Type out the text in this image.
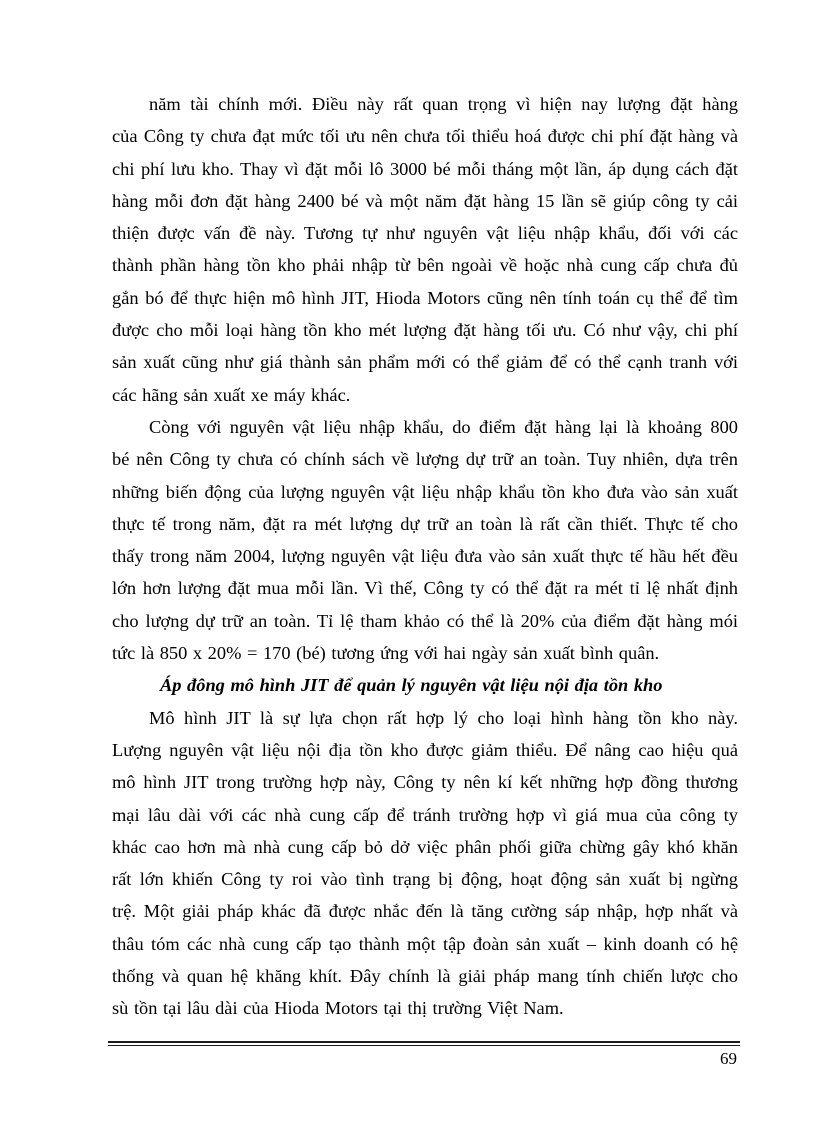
năm tài chính mới. Điều này rất quan trọng vì hiện nay lượng đặt hàng
của Công ty chưa đạt mức tối ưu nên chưa tối thiểu hoá được chi phí đặt hàng và
chi phí lưu kho. Thay vì đặt mỗi lô 3000 bé mỗi tháng một lần, áp dụng cách đặt
hàng mỗi đơn đặt hàng 2400 bé và một năm đặt hàng 15 lần sẽ giúp công ty cải
thiện được vấn đề này. Tương tự như nguyên vật liệu nhập khẩu, đối với các
thành phần hàng tồn kho phải nhập từ bên ngoài về hoặc nhà cung cấp chưa đủ
gắn bó để thực hiện mô hình JIT, Hioda Motors cũng nên tính toán cụ thể để tìm
được cho mỗi loại hàng tồn kho mét lượng đặt hàng tối ưu. Có như vậy, chi phí
sản xuất cũng như giá thành sản phẩm mới có thể giảm để có thể cạnh tranh với
các hãng sản xuất xe máy khác.
Còng với nguyên vật liệu nhập khẩu, do điểm đặt hàng lại là khoảng 800
bé nên Công ty chưa có chính sách về lượng dự trữ an toàn. Tuy nhiên, dựa trên
những biến động của lượng nguyên vật liệu nhập khẩu tồn kho đưa vào sản xuất
thực tế trong năm, đặt ra mét lượng dự trữ an toàn là rất cần thiết. Thực tế cho
thấy trong năm 2004, lượng nguyên vật liệu đưa vào sản xuất thực tế hầu hết đều
lớn hơn lượng đặt mua mỗi lần. Vì thế, Công ty có thể đặt ra mét tỉ lệ nhất định
cho lượng dự trữ an toàn. Tỉ lệ tham khảo có thể là 20% của điểm đặt hàng mói
tức là 850 x 20% = 170 (bé) tương ứng với hai ngày sản xuất bình quân.
Áp đông mô hình JIT để quản lý nguyên vật liệu nội địa tồn kho
Mô hình JIT là sự lựa chọn rất hợp lý cho loại hình hàng tồn kho này.
Lượng nguyên vật liệu nội địa tồn kho được giảm thiểu. Để nâng cao hiệu quả
mô hình JIT trong trường hợp này, Công ty nên kí kết những hợp đồng thương
mại lâu dài với các nhà cung cấp để tránh trường hợp vì giá mua của công ty
khác cao hơn mà nhà cung cấp bỏ dở việc phân phối giữa chừng gây khó khăn
rất lớn khiến Công ty roi vào tình trạng bị động, hoạt động sản xuất bị ngừng
trệ. Một giải pháp khác đã được nhắc đến là tăng cường sáp nhập, hợp nhất và
thâu tóm các nhà cung cấp tạo thành một tập đoàn sản xuất – kinh doanh có hệ
thống và quan hệ khăng khít. Đây chính là giải pháp mang tính chiến lược cho
sù tồn tại lâu dài của Hioda Motors tại thị trường Việt Nam.
69
